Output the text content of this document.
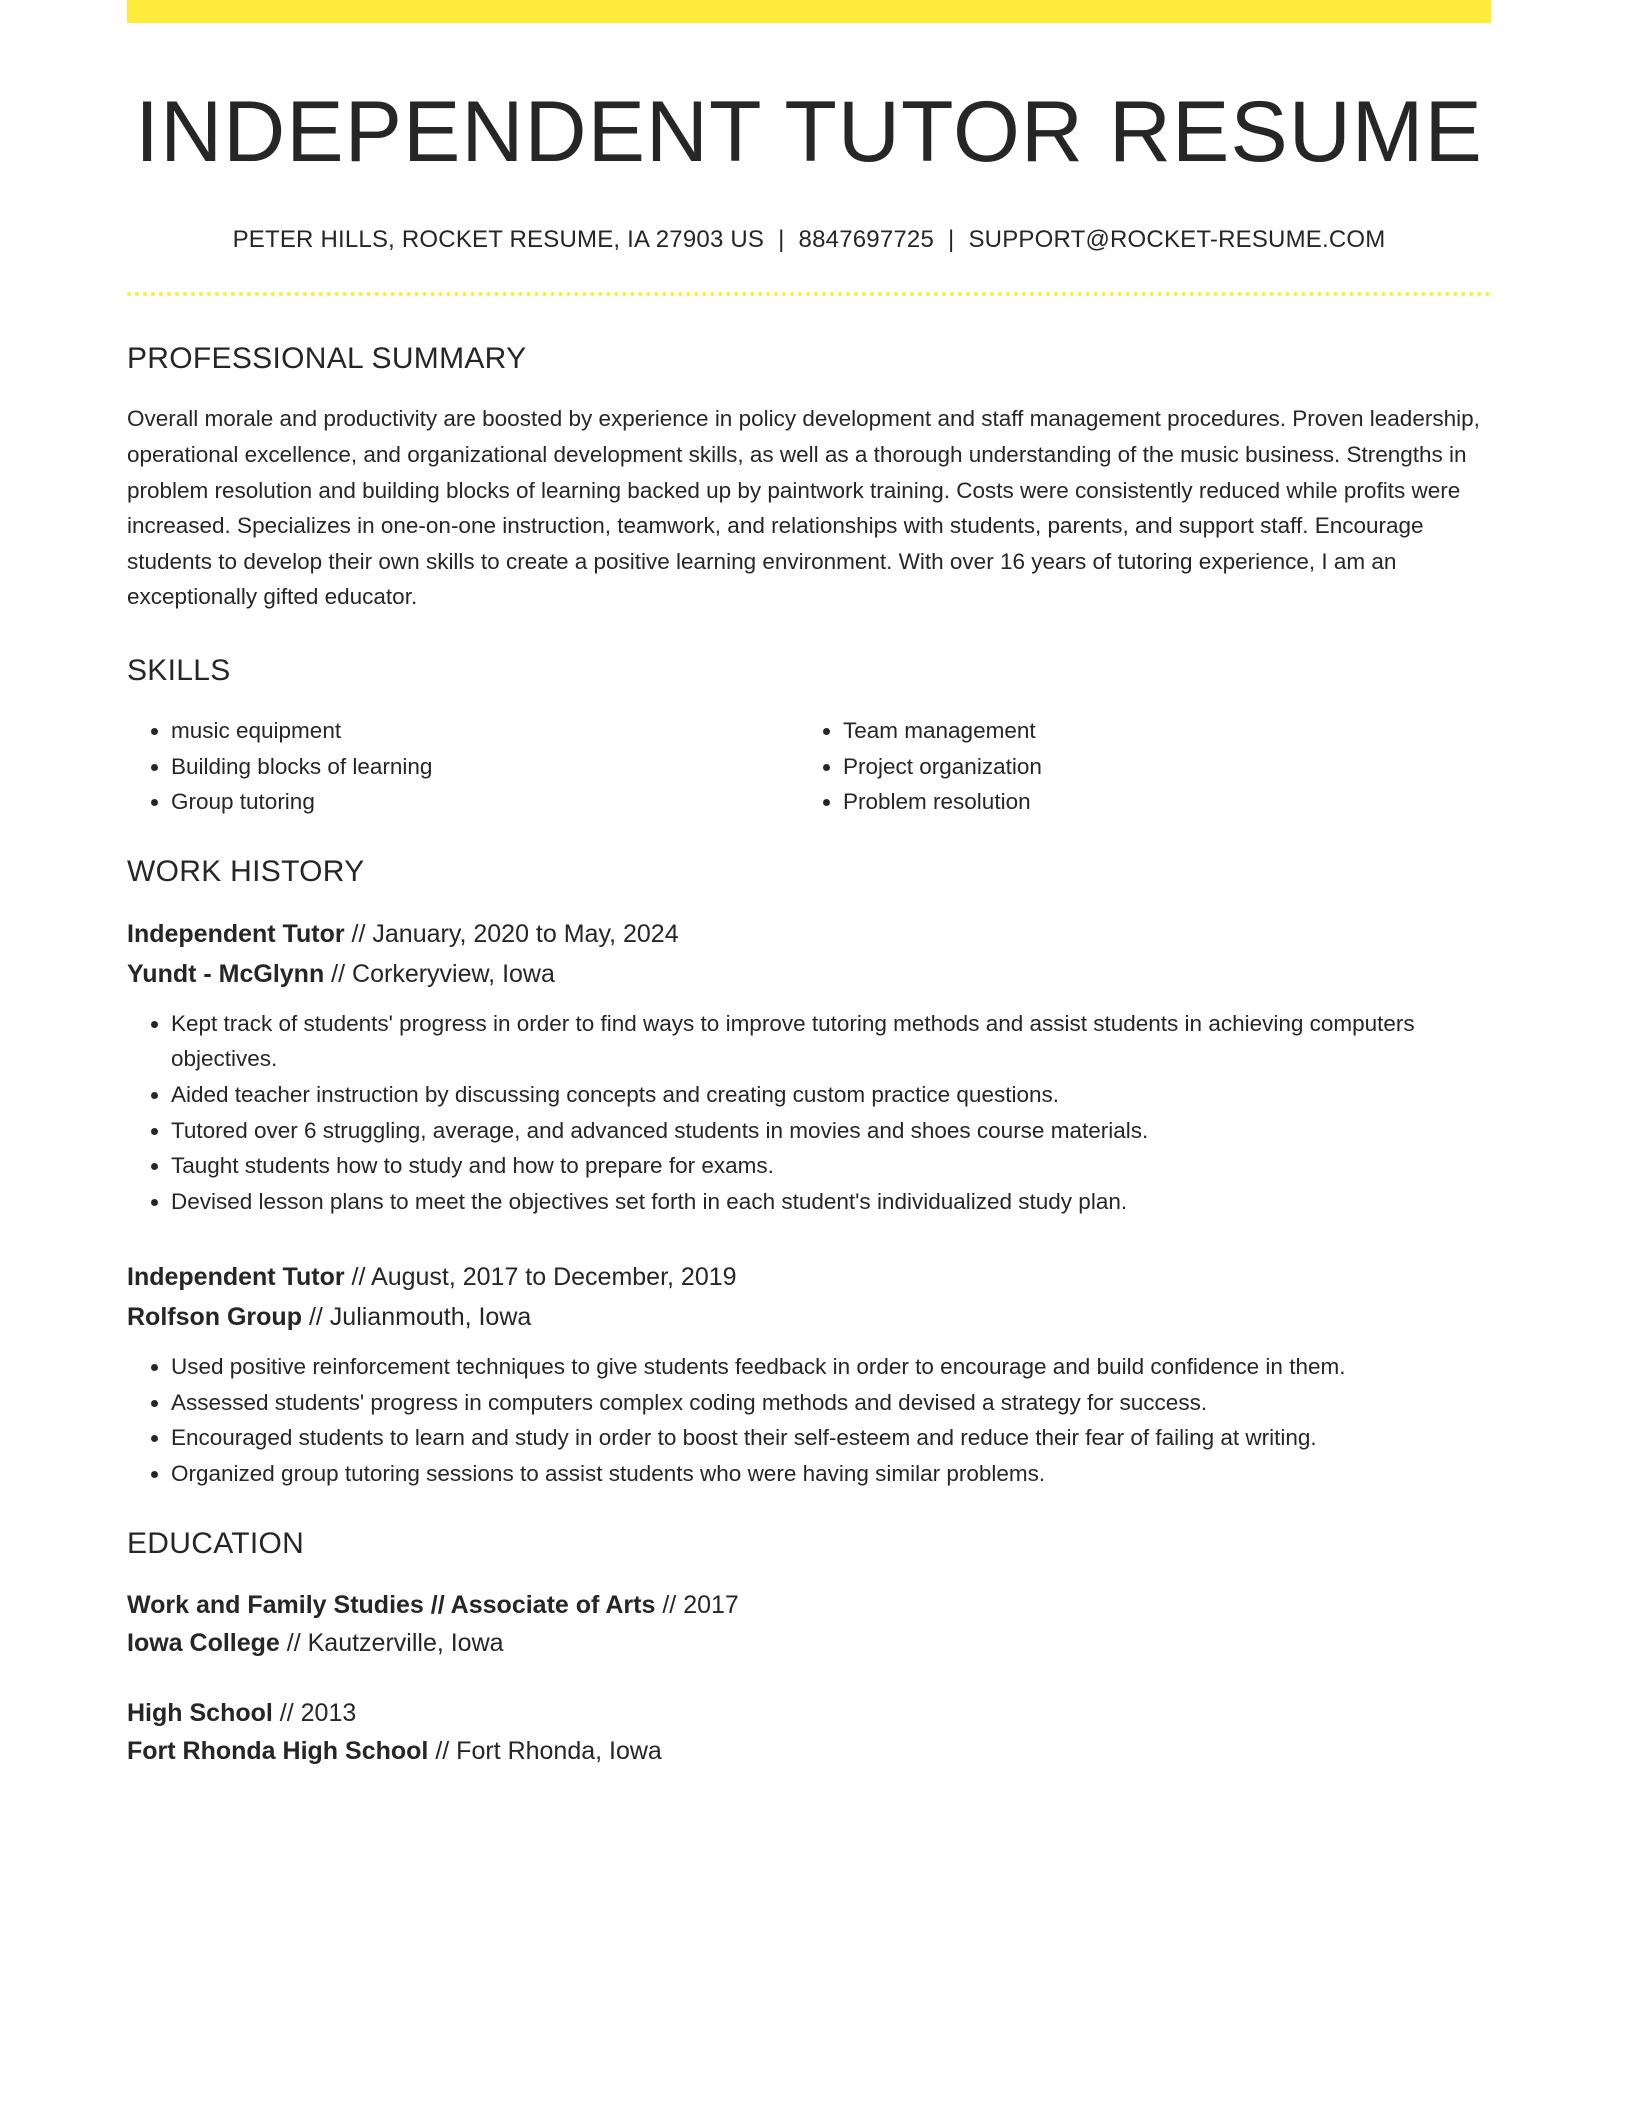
INDEPENDENT TUTOR RESUME
PETER HILLS, ROCKET RESUME, IA 27903 US | 8847697725 | SUPPORT@ROCKET-RESUME.COM
PROFESSIONAL SUMMARY
Overall morale and productivity are boosted by experience in policy development and staff management procedures. Proven leadership, operational excellence, and organizational development skills, as well as a thorough understanding of the music business. Strengths in problem resolution and building blocks of learning backed up by paintwork training. Costs were consistently reduced while profits were increased. Specializes in one-on-one instruction, teamwork, and relationships with students, parents, and support staff. Encourage students to develop their own skills to create a positive learning environment. With over 16 years of tutoring experience, I am an exceptionally gifted educator.
SKILLS
• music equipment
• Building blocks of learning
• Group tutoring
• Team management
• Project organization
• Problem resolution
WORK HISTORY
Independent Tutor // January, 2020 to May, 2024
Yundt - McGlynn // Corkeryview, Iowa
• Kept track of students' progress in order to find ways to improve tutoring methods and assist students in achieving computers objectives.
• Aided teacher instruction by discussing concepts and creating custom practice questions.
• Tutored over 6 struggling, average, and advanced students in movies and shoes course materials.
• Taught students how to study and how to prepare for exams.
• Devised lesson plans to meet the objectives set forth in each student's individualized study plan.
Independent Tutor // August, 2017 to December, 2019
Rolfson Group // Julianmouth, Iowa
• Used positive reinforcement techniques to give students feedback in order to encourage and build confidence in them.
• Assessed students' progress in computers complex coding methods and devised a strategy for success.
• Encouraged students to learn and study in order to boost their self-esteem and reduce their fear of failing at writing.
• Organized group tutoring sessions to assist students who were having similar problems.
EDUCATION
Work and Family Studies // Associate of Arts // 2017
Iowa College // Kautzerville, Iowa
High School // 2013
Fort Rhonda High School // Fort Rhonda, Iowa
